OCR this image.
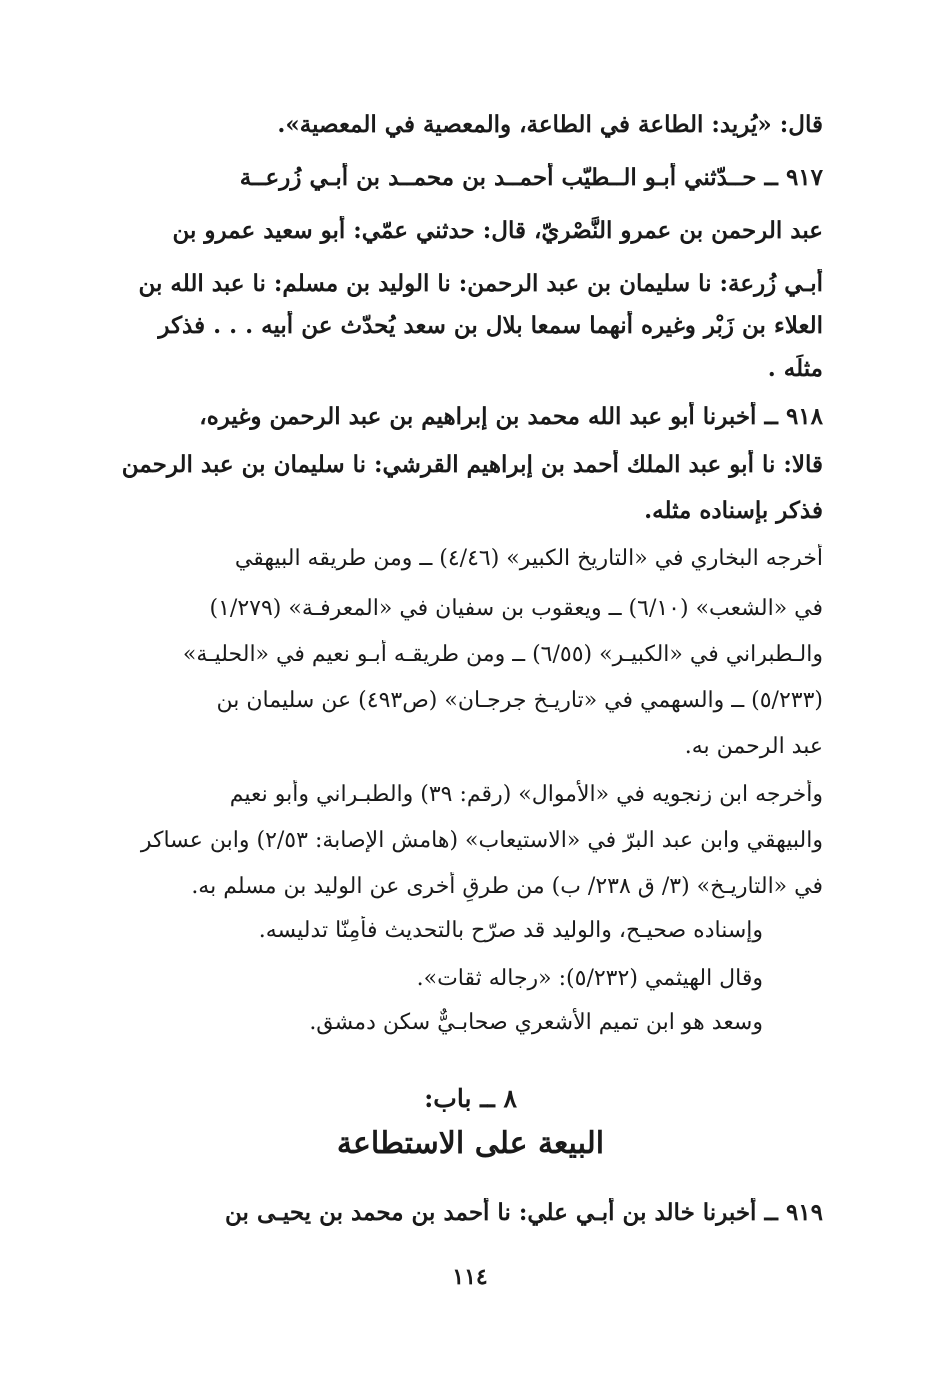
قال: «يُريد: الطاعة في الطاعة، والمعصية في المعصية».
٩١٧ ــ حــدّثني أبـو الــطيّب أحمــد بن محمــد بن أبـي زُرعــة
عبد الرحمن بن عمرو النَّصْريّ، قال: حدثني عمّي: أبو سعيد عمرو بن
أبـي زُرعة: نا سليمان بن عبد الرحمن: نا الوليد بن مسلم: نا عبد الله بن
العلاء بن زَبْر وغيره أنهما سمعا بلال بن سعد يُحدّث عن أبيه . . . فذكر
مثلَه .
٩١٨ ــ أخبرنا أبو عبد الله محمد بن إبراهيم بن عبد الرحمن وغيره،
قالا: نا أبو عبد الملك أحمد بن إبراهيم القرشي: نا سليمان بن عبد الرحمن
فذكر بإسناده مثله.
أخرجه البخاري في «التاريخ الكبير» (٤/٤٦) ــ ومن طريقه البيهقي
في «الشعب» (٦/١٠) ــ ويعقوب بن سفيان في «المعرفـة» (١/٢٧٩)
والـطبراني في «الكبيـر» (٦/٥٥) ــ ومن طريقـه أبـو نعيم في «الحليـة»
(٥/٢٣٣) ــ والسهمي في «تاريـخ جرجـان» (ص٤٩٣) عن سليمان بن
عبد الرحمن به.
وأخرجه ابن زنجويه في «الأموال» (رقم: ٣٩) والطبـراني وأبو نعيم
والبيهقي وابن عبد البرّ في «الاستيعاب» (هامش الإصابة: ٢/٥٣) وابن عساكر
في «التاريـخ» (٣/ ق ٢٣٨/ ب) من طرقٍ أخرى عن الوليد بن مسلم به.
وإسناده صحيـح، والوليد قد صرّح بالتحديث فأمِنّا تدليسه.
وقال الهيثمي (٥/٢٣٢): «رجاله ثقات».
وسعد هو ابن تميم الأشعري صحابـيٌّ سكن دمشق.
٨ ــ باب:
البيعة على الاستطاعة
٩١٩ ــ أخبرنا خالد بن أبـي علي: نا أحمد بن محمد بن يحيـى بن
١١٤
